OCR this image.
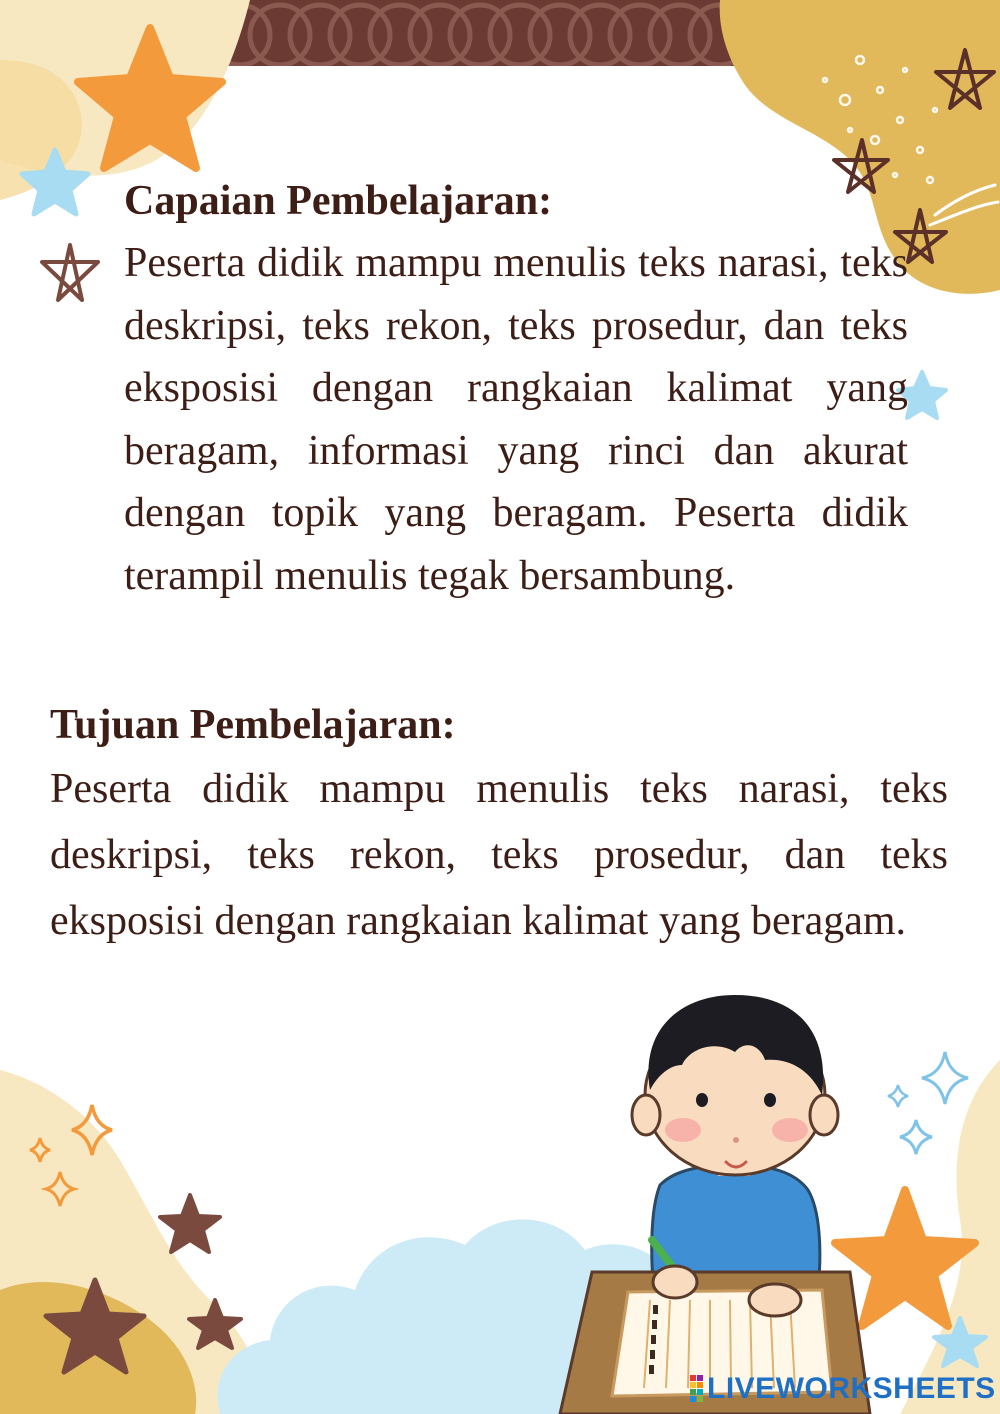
Capaian Pembelajaran:

Peserta didik mampu menulis teks narasi, teks deskripsi, teks rekon, teks prosedur, dan teks eksposisi dengan rangkaian kalimat yang beragam, informasi yang rinci dan akurat dengan topik yang beragam. Peserta didik terampil menulis tegak bersambung.

Tujuan Pembelajaran:

Peserta didik mampu menulis teks narasi, teks deskripsi, teks rekon, teks prosedur, dan teks eksposisi dengan rangkaian kalimat yang beragam.

LIVEWORKSHEETS
